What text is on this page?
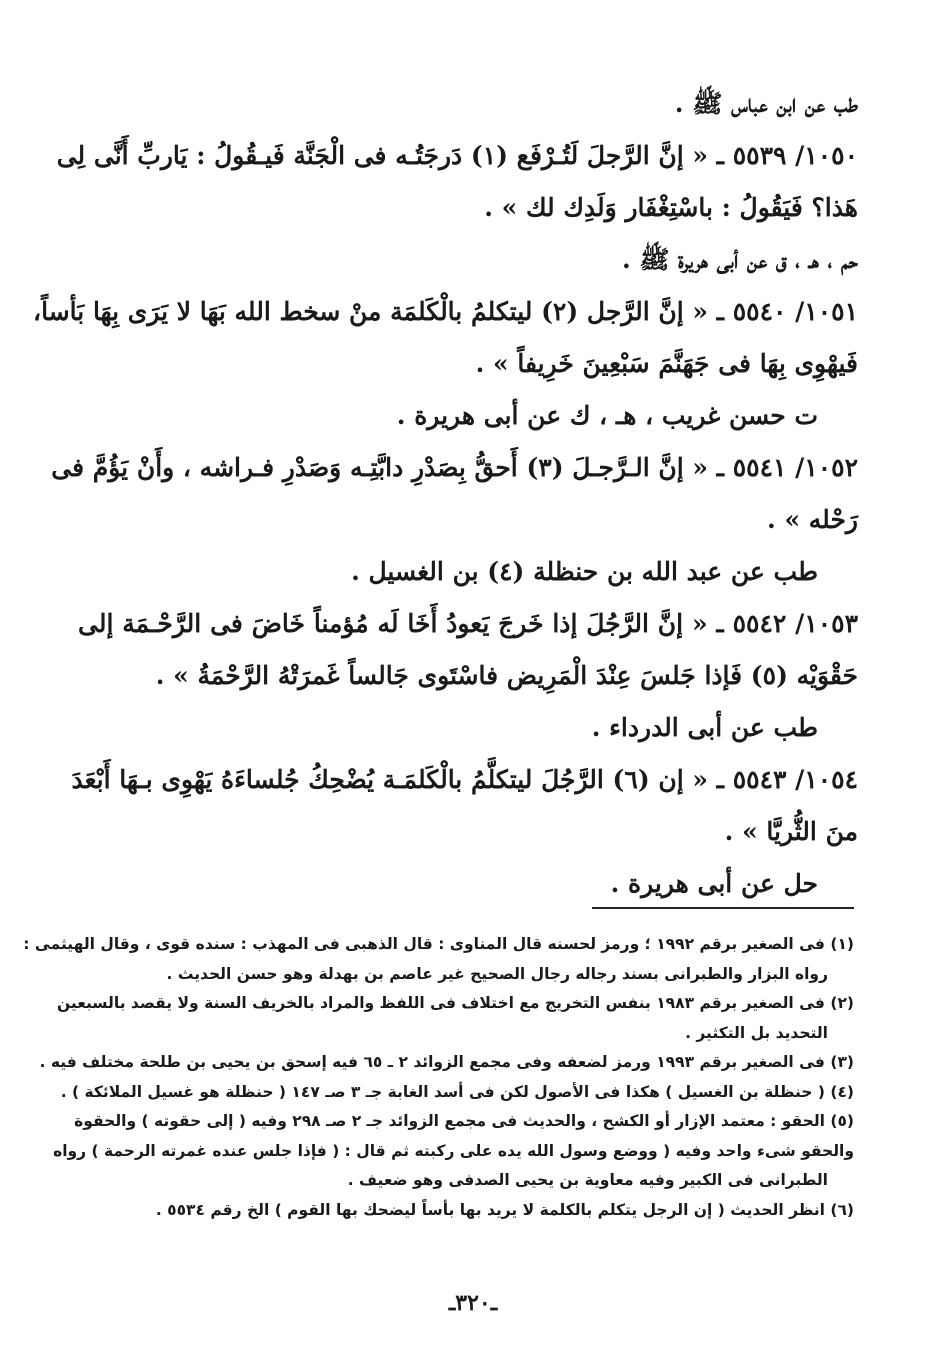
طب عن ابن عباس ﷺ .
١٠٥٠/ ٥٥٣٩ ـ « إنَّ الرَّجلَ لَتُـرْفَع (١) دَرجَتُـه فى الْجَنَّة فَيـقُولُ : يَاربِّ أَنَّى لِى
هَذا؟ فَيَقُولُ : باسْتِغْفَار وَلَدِك لك » .
حم ، هـ ، ق عن أبى هريرة ﷺ .
١٠٥١/ ٥٥٤٠ ـ « إنَّ الرَّجل (٢) ليتكلمُ بالْكَلمَة منْ سخط الله بَهَا لا يَرَى بِهَا بَأساً،
فَيهْوِى بِهَا فى جَهَنَّمَ سَبْعِينَ خَرِيفاً » .
ت حسن غريب ، هـ ، ك عن أبى هريرة .
١٠٥٢/ ٥٥٤١ ـ « إنَّ الـرَّجـلَ (٣) أَحقُّ بِصَدْرِ دابَّتِـه وَصَدْرِ فـراشه ، وأَنْ يَؤُمَّ فى
رَحْله » .
طب عن عبد الله بن حنظلة (٤) بن الغسيل .
١٠٥٣/ ٥٥٤٢ ـ « إنَّ الرَّجُلَ إذا خَرجَ يَعودُ أَخَا لَه مُؤمناً خَاضَ فى الرَّحْـمَة إلى
حَقْوَيْه (٥) فَإذا جَلسَ عِنْدَ الْمَرِيض فاسْتَوى جَالساً غَمرَتْهُ الرَّحْمَةُ » .
طب عن أبى الدرداء .
١٠٥٤/ ٥٥٤٣ ـ « إن (٦) الرَّجُلَ ليتكلَّمُ بالْكَلمَـة يُضْحِكُ جُلساءَهُ يَهْوِى بـهَا أَبْعَدَ
منَ الثُّريَّا » .
حل عن أبى هريرة .
(١) فى الصغير برقم ١٩٩٢ ؛ ورمز لحسنه قال المناوى : قال الذهبى فى المهذب : سنده قوى ، وقال الهيثمى :
رواه البزار والطبرانى بسند رجاله رجال الصحيح غير عاصم بن بهدلة وهو حسن الحديث .
(٢) فى الصغير برقم ١٩٨٣ بنفس التخريج مع اختلاف فى اللفظ والمراد بالخريف السنة ولا يقصد بالسبعين
التحديد بل التكثير .
(٣) فى الصغير برقم ١٩٩٣ ورمز لضعفه وفى مجمع الزوائد ٢ ـ ٦٥ فيه إسحق بن يحيى بن طلحة مختلف فيه .
(٤) ( حنظلة بن الغسيل ) هكذا فى الأصول لكن فى أسد الغابة جـ ٣ صـ ١٤٧ ( حنظلة هو غسيل الملائكة ) .
(٥) الحقو : معتمد الإزار أو الكشح ، والحديث فى مجمع الزوائد جـ ٢ صـ ٢٩٨ وفيه ( إلى حقوته ) والحقوة
والحقو شىء واحد وفيه ( ووضع وسول الله يده على ركبته ثم قال : ( فإذا جلس عنده غمرته الرحمة ) رواه
الطبرانى فى الكبير وفيه معاوية بن يحيى الصدفى وهو ضعيف .
(٦) انظر الحديث ( إن الرجل يتكلم بالكلمة لا يريد بها بأساً ليضحك بها القوم ) الخ رقم ٥٥٣٤ .
ـ٣٢٠ـ
